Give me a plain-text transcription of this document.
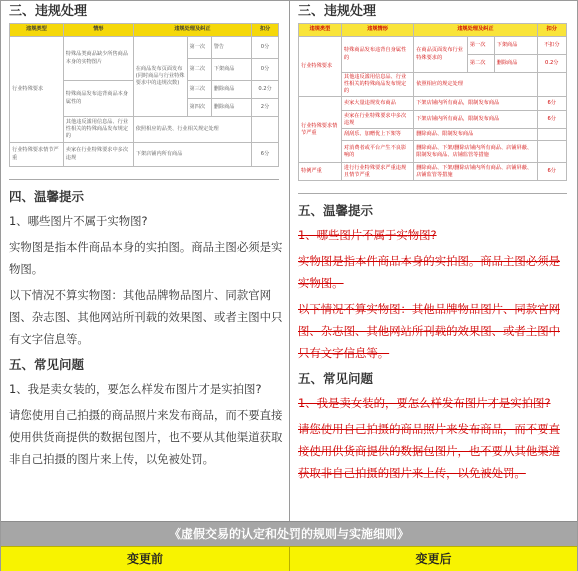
三、违规处理
违规类型	情形	违规处理及纠正			扣分
行业特殊要求	特殊品类商品缺少所售商品本身的实物图片	在商品发布页面发布(同时商品与行业特殊要求中的违规次数)	第一次	警告	0分
			第二次	下架商品	0分
	特殊商品发布违背商品本身属性的		第三次	删除商品	0.2分
			第四次	删除商品	2分
	其他违反滥用信息品、行业性相关的特殊商品发布规定的	依照相应的品类、行业相关规定处理			
行业特殊要求情节严重	卖家在行业特殊要求中多次违规	下架店铺内所有商品			6分
四、温馨提示

1、哪些图片不属于实物图?

实物图是指本件商品本身的实拍图。商品主图必须是实物图。

以下情况不算实物图：其他品牌物品图片、同款官网图、杂志图、其他网站所刊载的效果图、或者主图中只有文字信息等。

五、常见问题

1、我是卖女装的，要怎么样发布图片才是实拍图?

请您使用自己拍摄的商品照片来发布商品，而不要直接使用供货商提供的数据包图片，也不要从其他渠道获取非自己拍摄的图片来上传，以免被处罚。

三、违规处理
违规类型	违规情形	违规处理及纠正			扣分
行业特殊要求	特殊商品发布违背自身属性的	在商品页面发布行业特殊要求的	第一次	下架商品	不扣分
			第二次	删除商品	0.2分
	其他违反滥用信息品、行业性相关的特殊商品发布规定的	依照相应的规定处理			
行业特殊要求情节严重	卖家大量违规发布商品	下架店铺内所有商品，限制发布商品			6分
	卖家在行业特殊要求中多次违规	下架店铺内所有商品，限制发布商品			6分
	刮刮乐、加赠优上下架等	删除商品、限制发布商品			
	对消费者或平台产生不良影响的	删除商品、下架/删除店铺内所有商品、店铺屏蔽、限制发布商品、店铺监管等措施			
特例严重	进行行业特殊要求严重违规且情节严重	删除商品、下架/删除店铺内所有商品、店铺屏蔽、店铺监管等措施			6分
五、温馨提示

1、哪些图片不属于实物图?

实物图是指本件商品本身的实拍图。商品主图必须是实物图。

以下情况不算实物图：其他品牌物品图片、同款官网图、杂志图、其他网站所刊载的效果图、或者主图中只有文字信息等。

五、常见问题

1、我是卖女装的，要怎么样发布图片才是实拍图?

请您使用自己拍摄的商品照片来发布商品，而不要直接使用供货商提供的数据包图片，也不要从其他渠道获取非自己拍摄的图片来上传，以免被处罚。

《虚假交易的认定和处罚的规则与实施细则》
变更前	变更后
